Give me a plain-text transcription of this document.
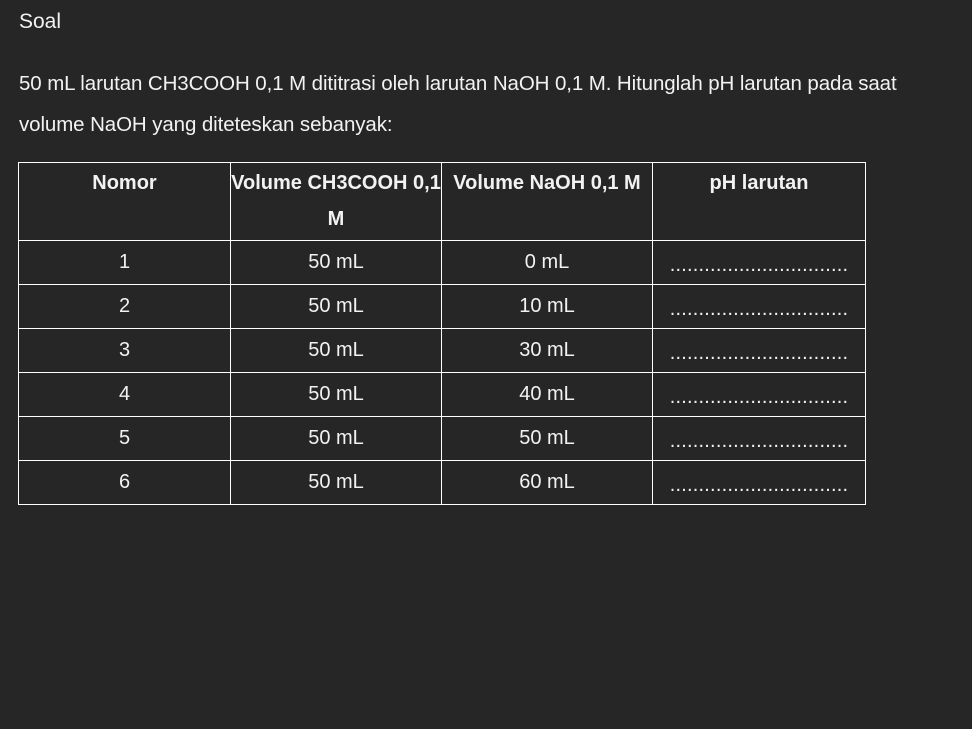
Soal
50 mL larutan CH3COOH 0,1 M dititrasi oleh larutan NaOH 0,1 M. Hitunglah pH larutan pada saat volume NaOH yang diteteskan sebanyak:
Nomor	Volume CH3COOH 0,1 M	Volume NaOH 0,1 M	pH larutan
1	50 mL	0 mL	...............................
2	50 mL	10 mL	...............................
3	50 mL	30 mL	...............................
4	50 mL	40 mL	...............................
5	50 mL	50 mL	...............................
6	50 mL	60 mL	...............................
